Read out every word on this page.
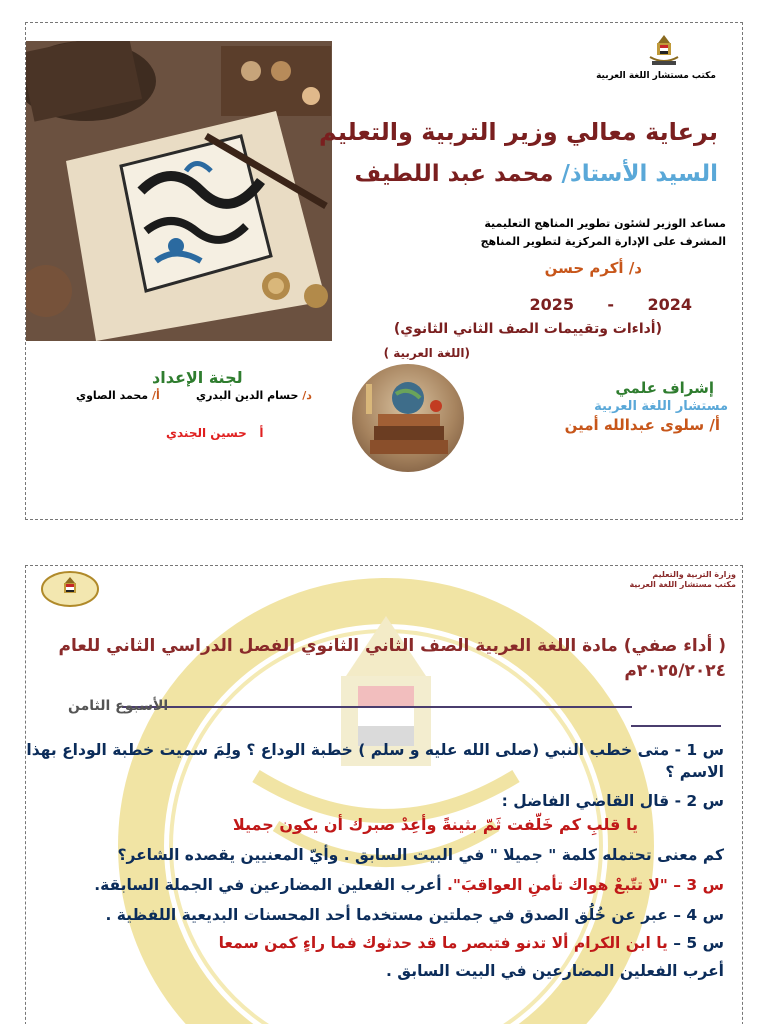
مكتب مستشار اللغة العربية
برعاية معالي وزير التربية والتعليم
السيد الأستاذ/ محمد عبد اللطيف
مساعد الوزير لشئون تطوير المناهج التعليمية
المشرف على الإدارة المركزية لتطوير المناهج
د/ أكرم حسن
2025 - 2024
(أداءات وتقييمات الصف الثاني الثانوي)
(اللغة العربية )
إشراف علمي
مستشار اللغة العربية
أ/ سلوى عبدالله أمين
لجنة الإعداد
د/ حسام الدين البدري
أ/ محمد الصاوي
أ   حسين الجندي
وزارة التربية والتعليم
مكتب مستشار اللغة العربية
( أداء صفي) مادة اللغة العربية الصف الثاني الثانوي الفصل الدراسي الثاني للعام
٢٠٢٥/٢٠٢٤م
الأسبوع الثامن
س 1 - متى خطب النبي (صلى الله عليه و سلم ) خطبة الوداع ؟ ولِمَ سميت خطبة الوداع بهذا
الاسم ؟
س 2 - قال القاضي الفاضل :
يا قلبِ كم خَلّفت ثَمّ بثينةً وأعِدْ صبرك أن يكون جميلا
كم معنى تحتمله كلمة " جميلا " في البيت السابق . وأيّ المعنيين يقصده الشاعر؟
س 3 – "لا تتّبعْ هواك تأمنِ العواقبَ". أعرب الفعلين المضارعين في الجملة السابقة.
س 4 – عبر عن خُلُق الصدق في جملتين مستخدما أحد المحسنات البديعية اللفظية .
س 5 – يا ابن الكرام ألا تدنو فتبصر ما قد حدثوك فما راءٍ كمن سمعا
أعرب الفعلين المضارعين في البيت السابق .
